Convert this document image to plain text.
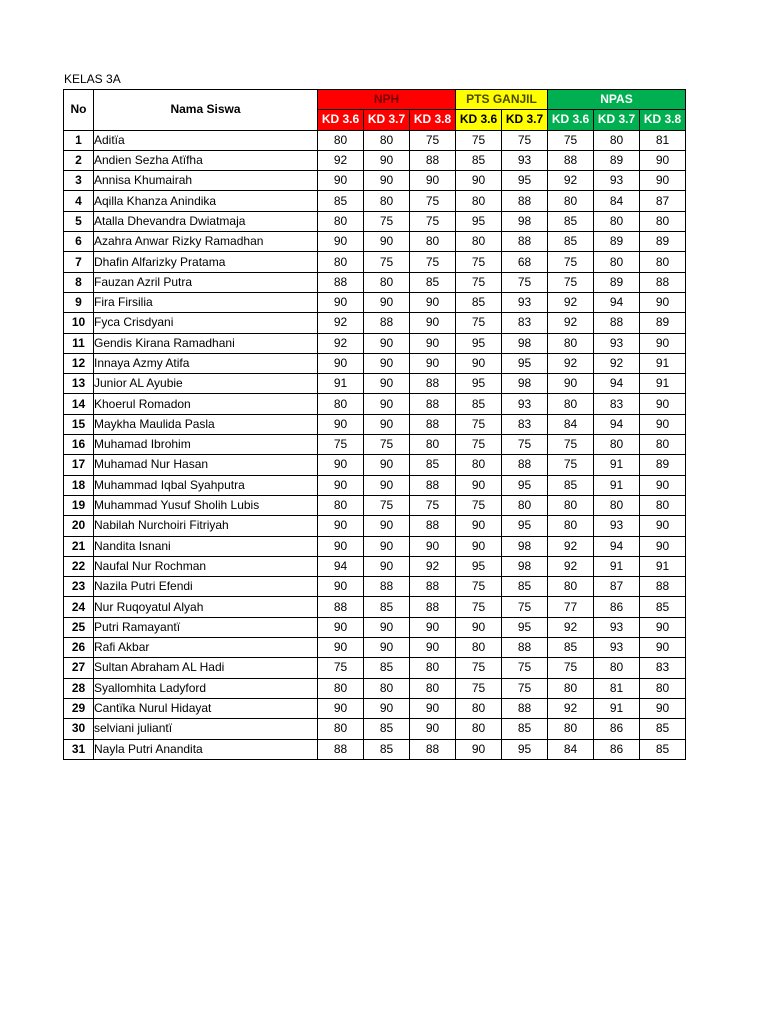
KELAS 3A
No	Nama Siswa	NPH			PTS GANJIL		NPAS		
		KD 3.6	KD 3.7	KD 3.8	KD 3.6	KD 3.7	KD 3.6	KD 3.7	KD 3.8
1	Aditïa	80	80	75	75	75	75	80	81
2	Andien Sezha Atïfha	92	90	88	85	93	88	89	90
3	Annisa Khumairah	90	90	90	90	95	92	93	90
4	Aqilla Khanza Anindika	85	80	75	80	88	80	84	87
5	Atalla Dhevandra Dwiatmaja	80	75	75	95	98	85	80	80
6	Azahra Anwar Rizky Ramadhan	90	90	80	80	88	85	89	89
7	Dhafin Alfarizky Pratama	80	75	75	75	68	75	80	80
8	Fauzan Azril Putra	88	80	85	75	75	75	89	88
9	Fira Firsilia	90	90	90	85	93	92	94	90
10	Fyca Crisdyani	92	88	90	75	83	92	88	89
11	Gendis Kirana Ramadhani	92	90	90	95	98	80	93	90
12	Innaya Azmy Atifa	90	90	90	90	95	92	92	91
13	Junior AL Ayubie	91	90	88	95	98	90	94	91
14	Khoerul Romadon	80	90	88	85	93	80	83	90
15	Maykha Maulida Pasla	90	90	88	75	83	84	94	90
16	Muhamad Ibrohim	75	75	80	75	75	75	80	80
17	Muhamad Nur Hasan	90	90	85	80	88	75	91	89
18	Muhammad Iqbal Syahputra	90	90	88	90	95	85	91	90
19	Muhammad Yusuf Sholih Lubis	80	75	75	75	80	80	80	80
20	Nabilah Nurchoiri Fitriyah	90	90	88	90	95	80	93	90
21	Nandita Isnani	90	90	90	90	98	92	94	90
22	Naufal Nur Rochman	94	90	92	95	98	92	91	91
23	Nazila Putri Efendi	90	88	88	75	85	80	87	88
24	Nur Ruqoyatul Alyah	88	85	88	75	75	77	86	85
25	Putri Ramayantï	90	90	90	90	95	92	93	90
26	Rafi Akbar	90	90	90	80	88	85	93	90
27	Sultan Abraham AL Hadi	75	85	80	75	75	75	80	83
28	Syallomhita Ladyford	80	80	80	75	75	80	81	80
29	Cantïka Nurul Hidayat	90	90	90	80	88	92	91	90
30	selviani juliantï	80	85	90	80	85	80	86	85
31	Nayla Putri Anandita	88	85	88	90	95	84	86	85
